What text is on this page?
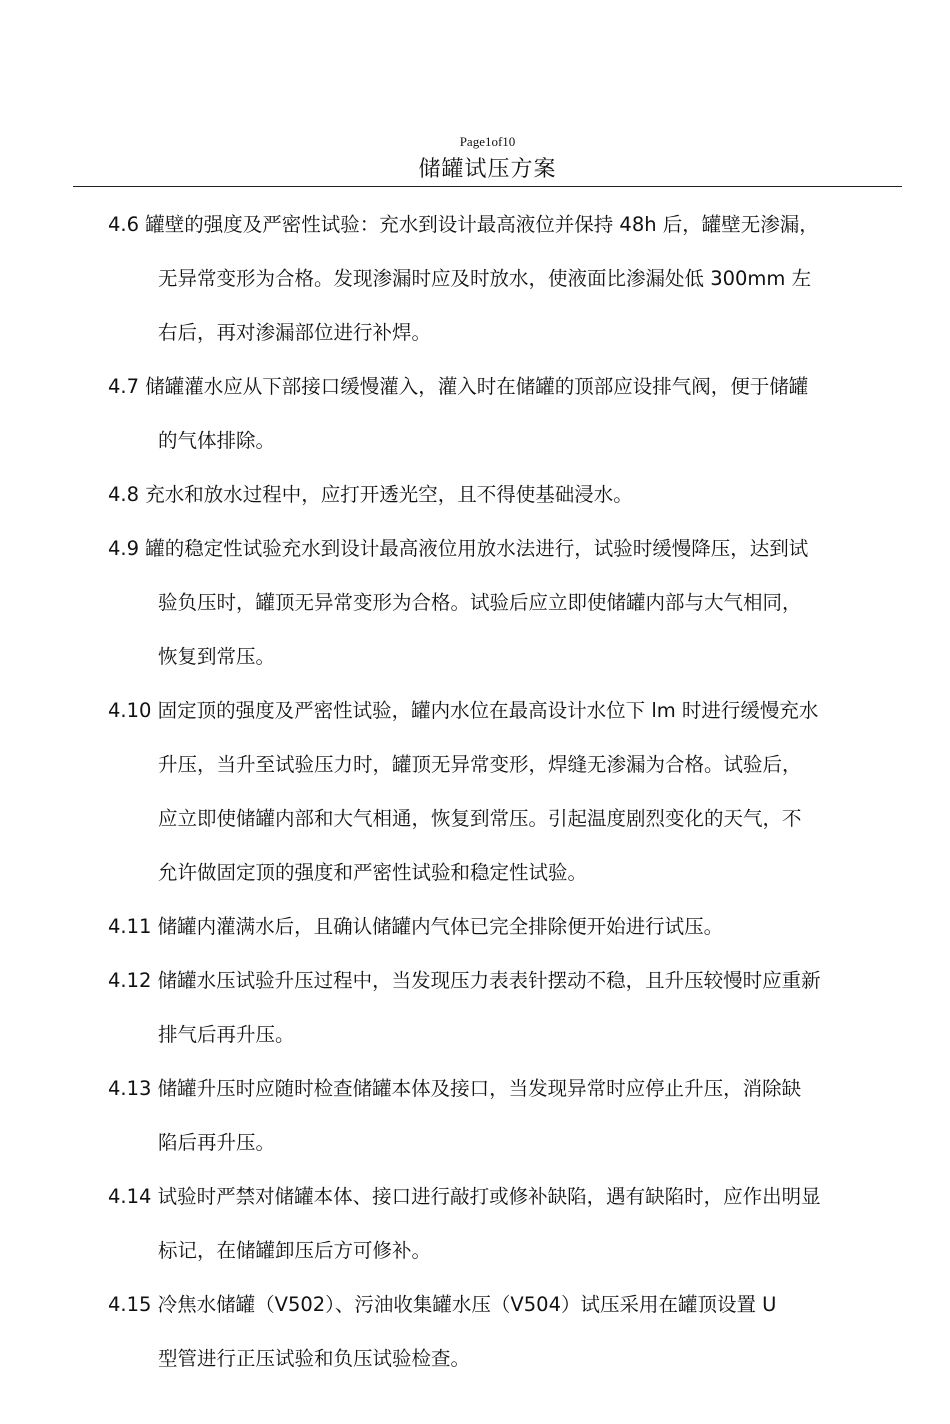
Page1of10
储罐试压方案
4.6 罐壁的强度及严密性试验：充水到设计最高液位并保持 48h 后，罐壁无渗漏，
无异常变形为合格。发现渗漏时应及时放水，使液面比渗漏处低 300mm 左
右后，再对渗漏部位进行补焊。
4.7 储罐灌水应从下部接口缓慢灌入，灌入时在储罐的顶部应设排气阀，便于储罐
的气体排除。
4.8 充水和放水过程中，应打开透光空，且不得使基础浸水。
4.9 罐的稳定性试验充水到设计最高液位用放水法进行，试验时缓慢降压，达到试
验负压时，罐顶无异常变形为合格。试验后应立即使储罐内部与大气相同，
恢复到常压。
4.10 固定顶的强度及严密性试验，罐内水位在最高设计水位下 lm 时进行缓慢充水
升压，当升至试验压力时，罐顶无异常变形，焊缝无渗漏为合格。试验后，
应立即使储罐内部和大气相通，恢复到常压。引起温度剧烈变化的天气，不
允许做固定顶的强度和严密性试验和稳定性试验。
4.11 储罐内灌满水后，且确认储罐内气体已完全排除便开始进行试压。
4.12 储罐水压试验升压过程中，当发现压力表表针摆动不稳，且升压较慢时应重新
排气后再升压。
4.13 储罐升压时应随时检查储罐本体及接口，当发现异常时应停止升压，消除缺
陷后再升压。
4.14 试验时严禁对储罐本体、接口进行敲打或修补缺陷，遇有缺陷时，应作出明显
标记，在储罐卸压后方可修补。
4.15 冷焦水储罐（V502）、污油收集罐水压（V504）试压采用在罐顶设置 U
型管进行正压试验和负压试验检查。
